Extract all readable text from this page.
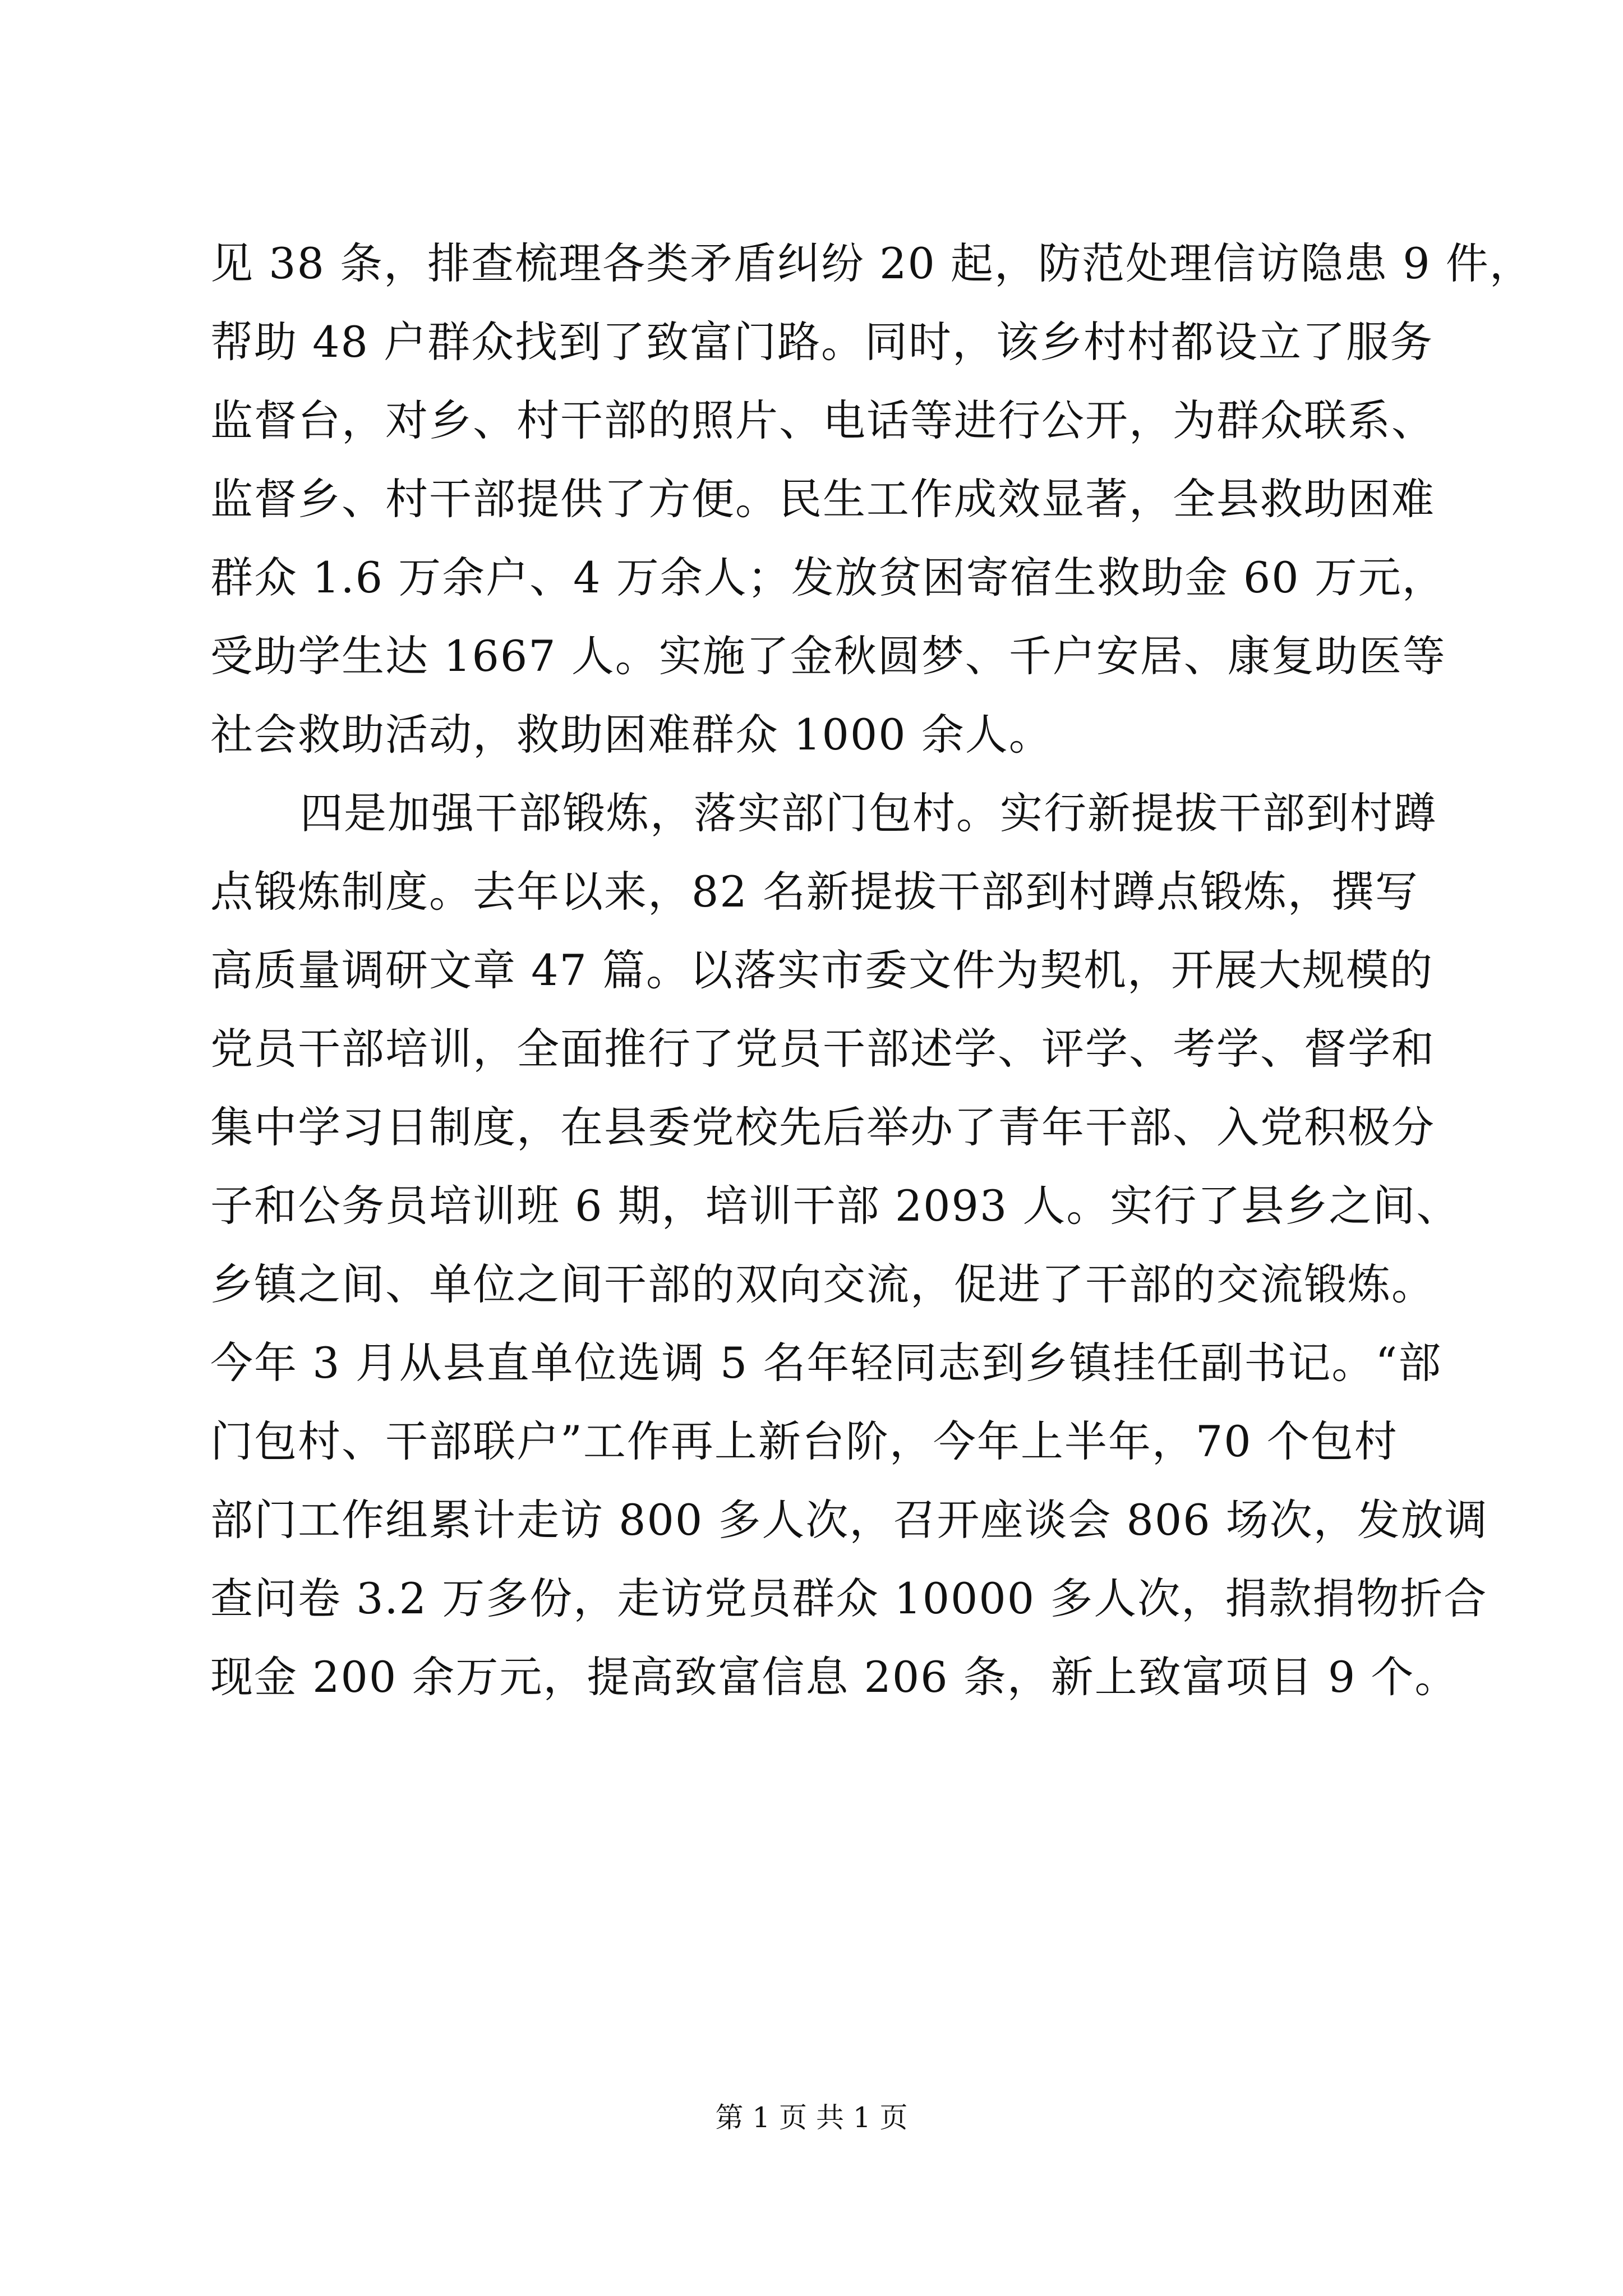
见 38 条，排查梳理各类矛盾纠纷 20 起，防范处理信访隐患 9 件，
帮助 48 户群众找到了致富门路。同时，该乡村村都设立了服务
监督台，对乡、村干部的照片、电话等进行公开，为群众联系、
监督乡、村干部提供了方便。民生工作成效显著，全县救助困难
群众 1.6 万余户、4 万余人；发放贫困寄宿生救助金 60 万元，
受助学生达 1667 人。实施了金秋圆梦、千户安居、康复助医等
社会救助活动，救助困难群众 1000 余人。
四是加强干部锻炼，落实部门包村。实行新提拔干部到村蹲
点锻炼制度。去年以来，82 名新提拔干部到村蹲点锻炼，撰写
高质量调研文章 47 篇。以落实市委文件为契机，开展大规模的
党员干部培训，全面推行了党员干部述学、评学、考学、督学和
集中学习日制度，在县委党校先后举办了青年干部、入党积极分
子和公务员培训班 6 期，培训干部 2093 人。实行了县乡之间、
乡镇之间、单位之间干部的双向交流，促进了干部的交流锻炼。
今年 3 月从县直单位选调 5 名年轻同志到乡镇挂任副书记。“部
门包村、干部联户”工作再上新台阶，今年上半年，70 个包村
部门工作组累计走访 800 多人次，召开座谈会 806 场次，发放调
查问卷 3.2 万多份，走访党员群众 10000 多人次，捐款捐物折合
现金 200 余万元，提高致富信息 206 条，新上致富项目 9 个。
第 1 页 共 1 页
